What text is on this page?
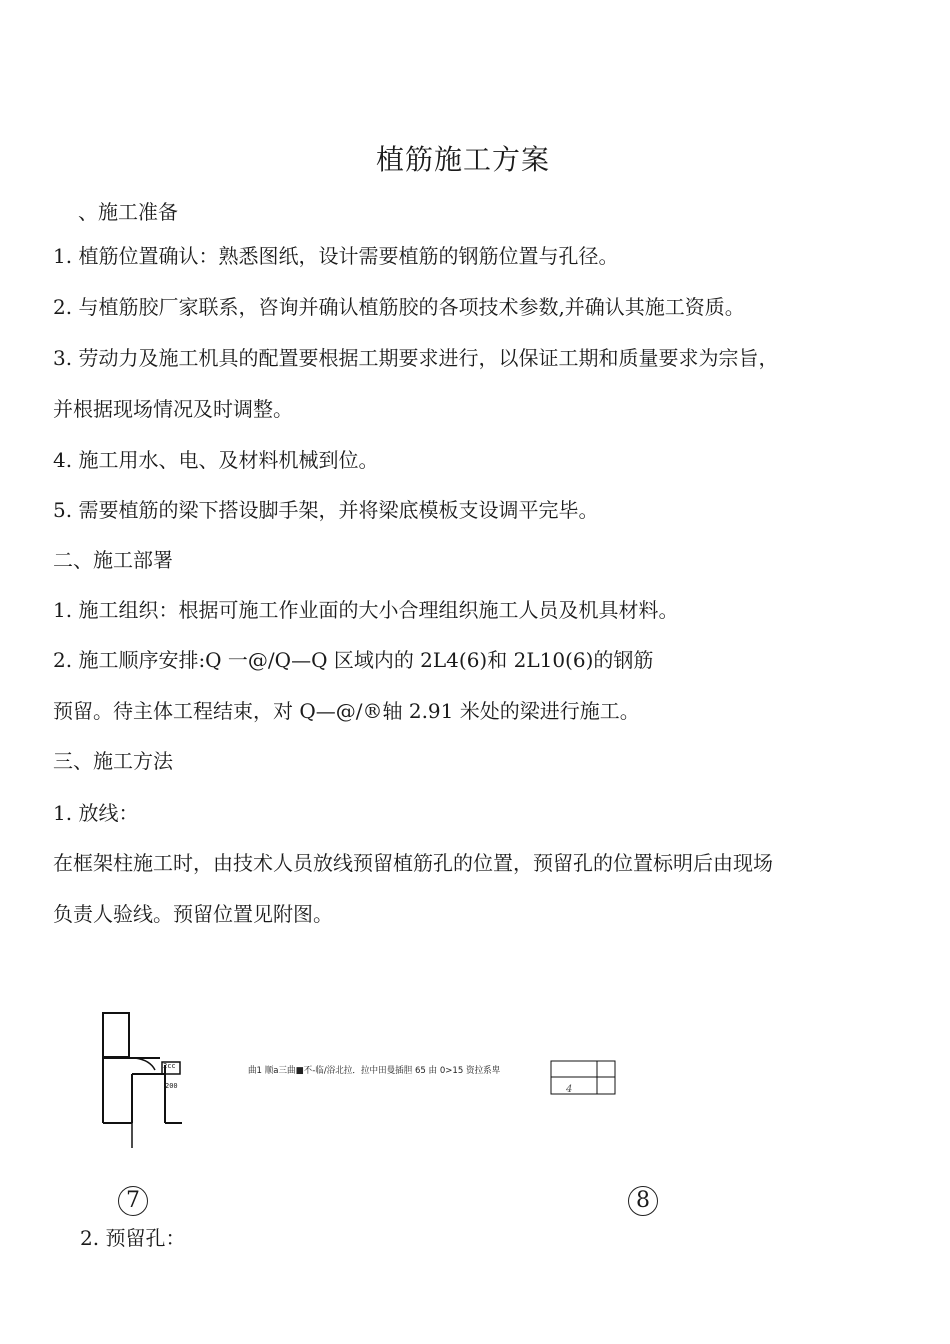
植筋施工方案
、施工准备
1. 植筋位置确认：熟悉图纸，设计需要植筋的钢筋位置与孔径。
2. 与植筋胶厂家联系，咨询并确认植筋胶的各项技术参数,并确认其施工资质。
3. 劳动力及施工机具的配置要根据工期要求进行，以保证工期和质量要求为宗旨，
并根据现场情况及时调整。
4. 施工用水、电、及材料机械到位。
5. 需要植筋的梁下搭设脚手架，并将梁底模板支设调平完毕。
二、施工部署
1. 施工组织：根据可施工作业面的大小合理组织施工人员及机具材料。
2. 施工顺序安排:Q 一@/Q—Q 区域内的 2L4(6)和 2L10(6)的钢筋
预留。待主体工程结束，对 Q—@/®轴 2.91 米处的梁进行施工。
三、施工方法
1. 放线：
在框架柱施工时，由技术人员放线预留植筋孔的位置，预留孔的位置标明后由现场
负责人验线。预留位置见附图。
曲1 顺a三曲■不-临/浴北拉．拉中田曼插胆 65 由 0>15 资拉系卑
2cc
200	4
7	8
2. 预留孔：
